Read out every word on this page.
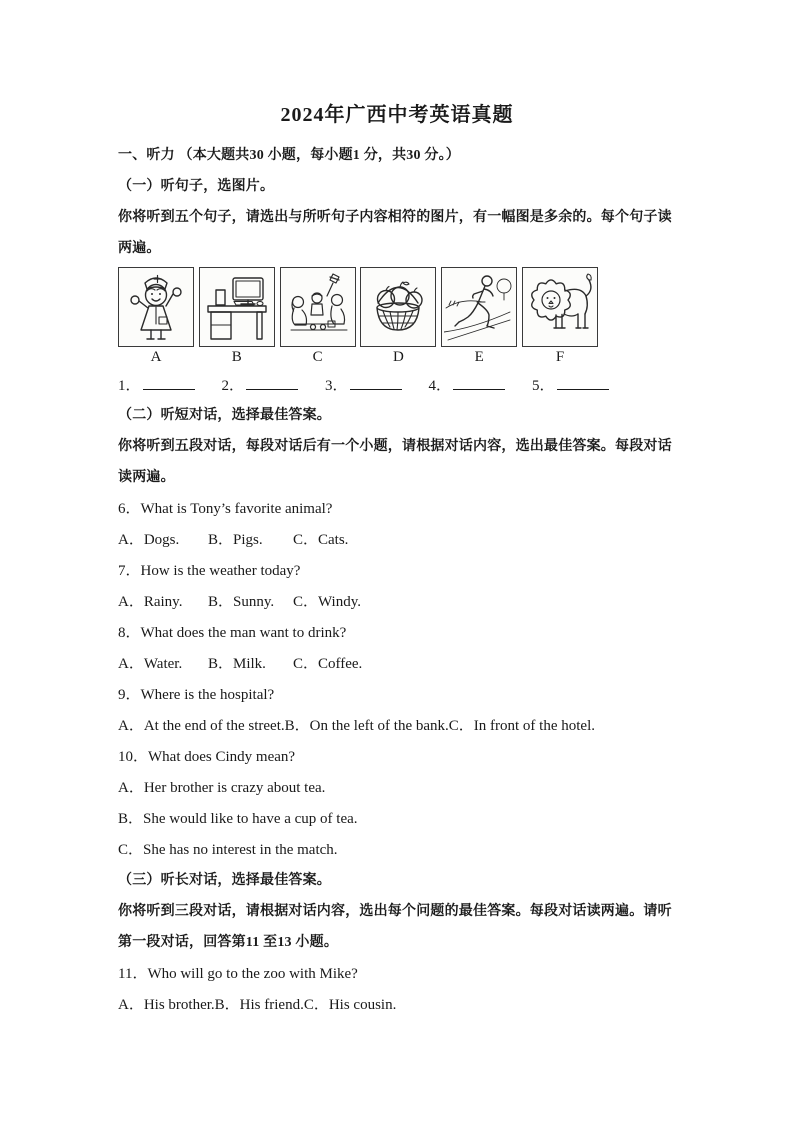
2024年广西中考英语真题
一、听力 （本大题共30 小题，每小题1 分，共30 分。）
（一）听句子，选图片。
你将听到五个句子，请选出与所听句子内容相符的图片，有一幅图是多余的。每个句子读
两遍。
A	B	C	D	E	F
1．	2．	3．	4．	5．
（二）听短对话，选择最佳答案。
你将听到五段对话，每段对话后有一个小题，请根据对话内容，选出最佳答案。每段对话
读两遍。
6．What is Tony’s favorite animal?
A．Dogs.	B．Pigs.	C．Cats.
7．How is the weather today?
A．Rainy.	B．Sunny.	C．Windy.
8．What does the man want to drink?
A．Water.	B．Milk.	C．Coffee.
9．Where is the hospital?
A．At the end of the street. B．On the left of the bank. C．In front of the hotel.
10．What does Cindy mean?
A．Her brother is crazy about tea.
B．She would like to have a cup of tea.
C．She has no interest in the match.
（三）听长对话，选择最佳答案。
你将听到三段对话，请根据对话内容，选出每个问题的最佳答案。每段对话读两遍。请听
第一段对话，回答第11 至13 小题。
11．Who will go to the zoo with Mike?
A．His brother. B．His friend. C．His cousin.
